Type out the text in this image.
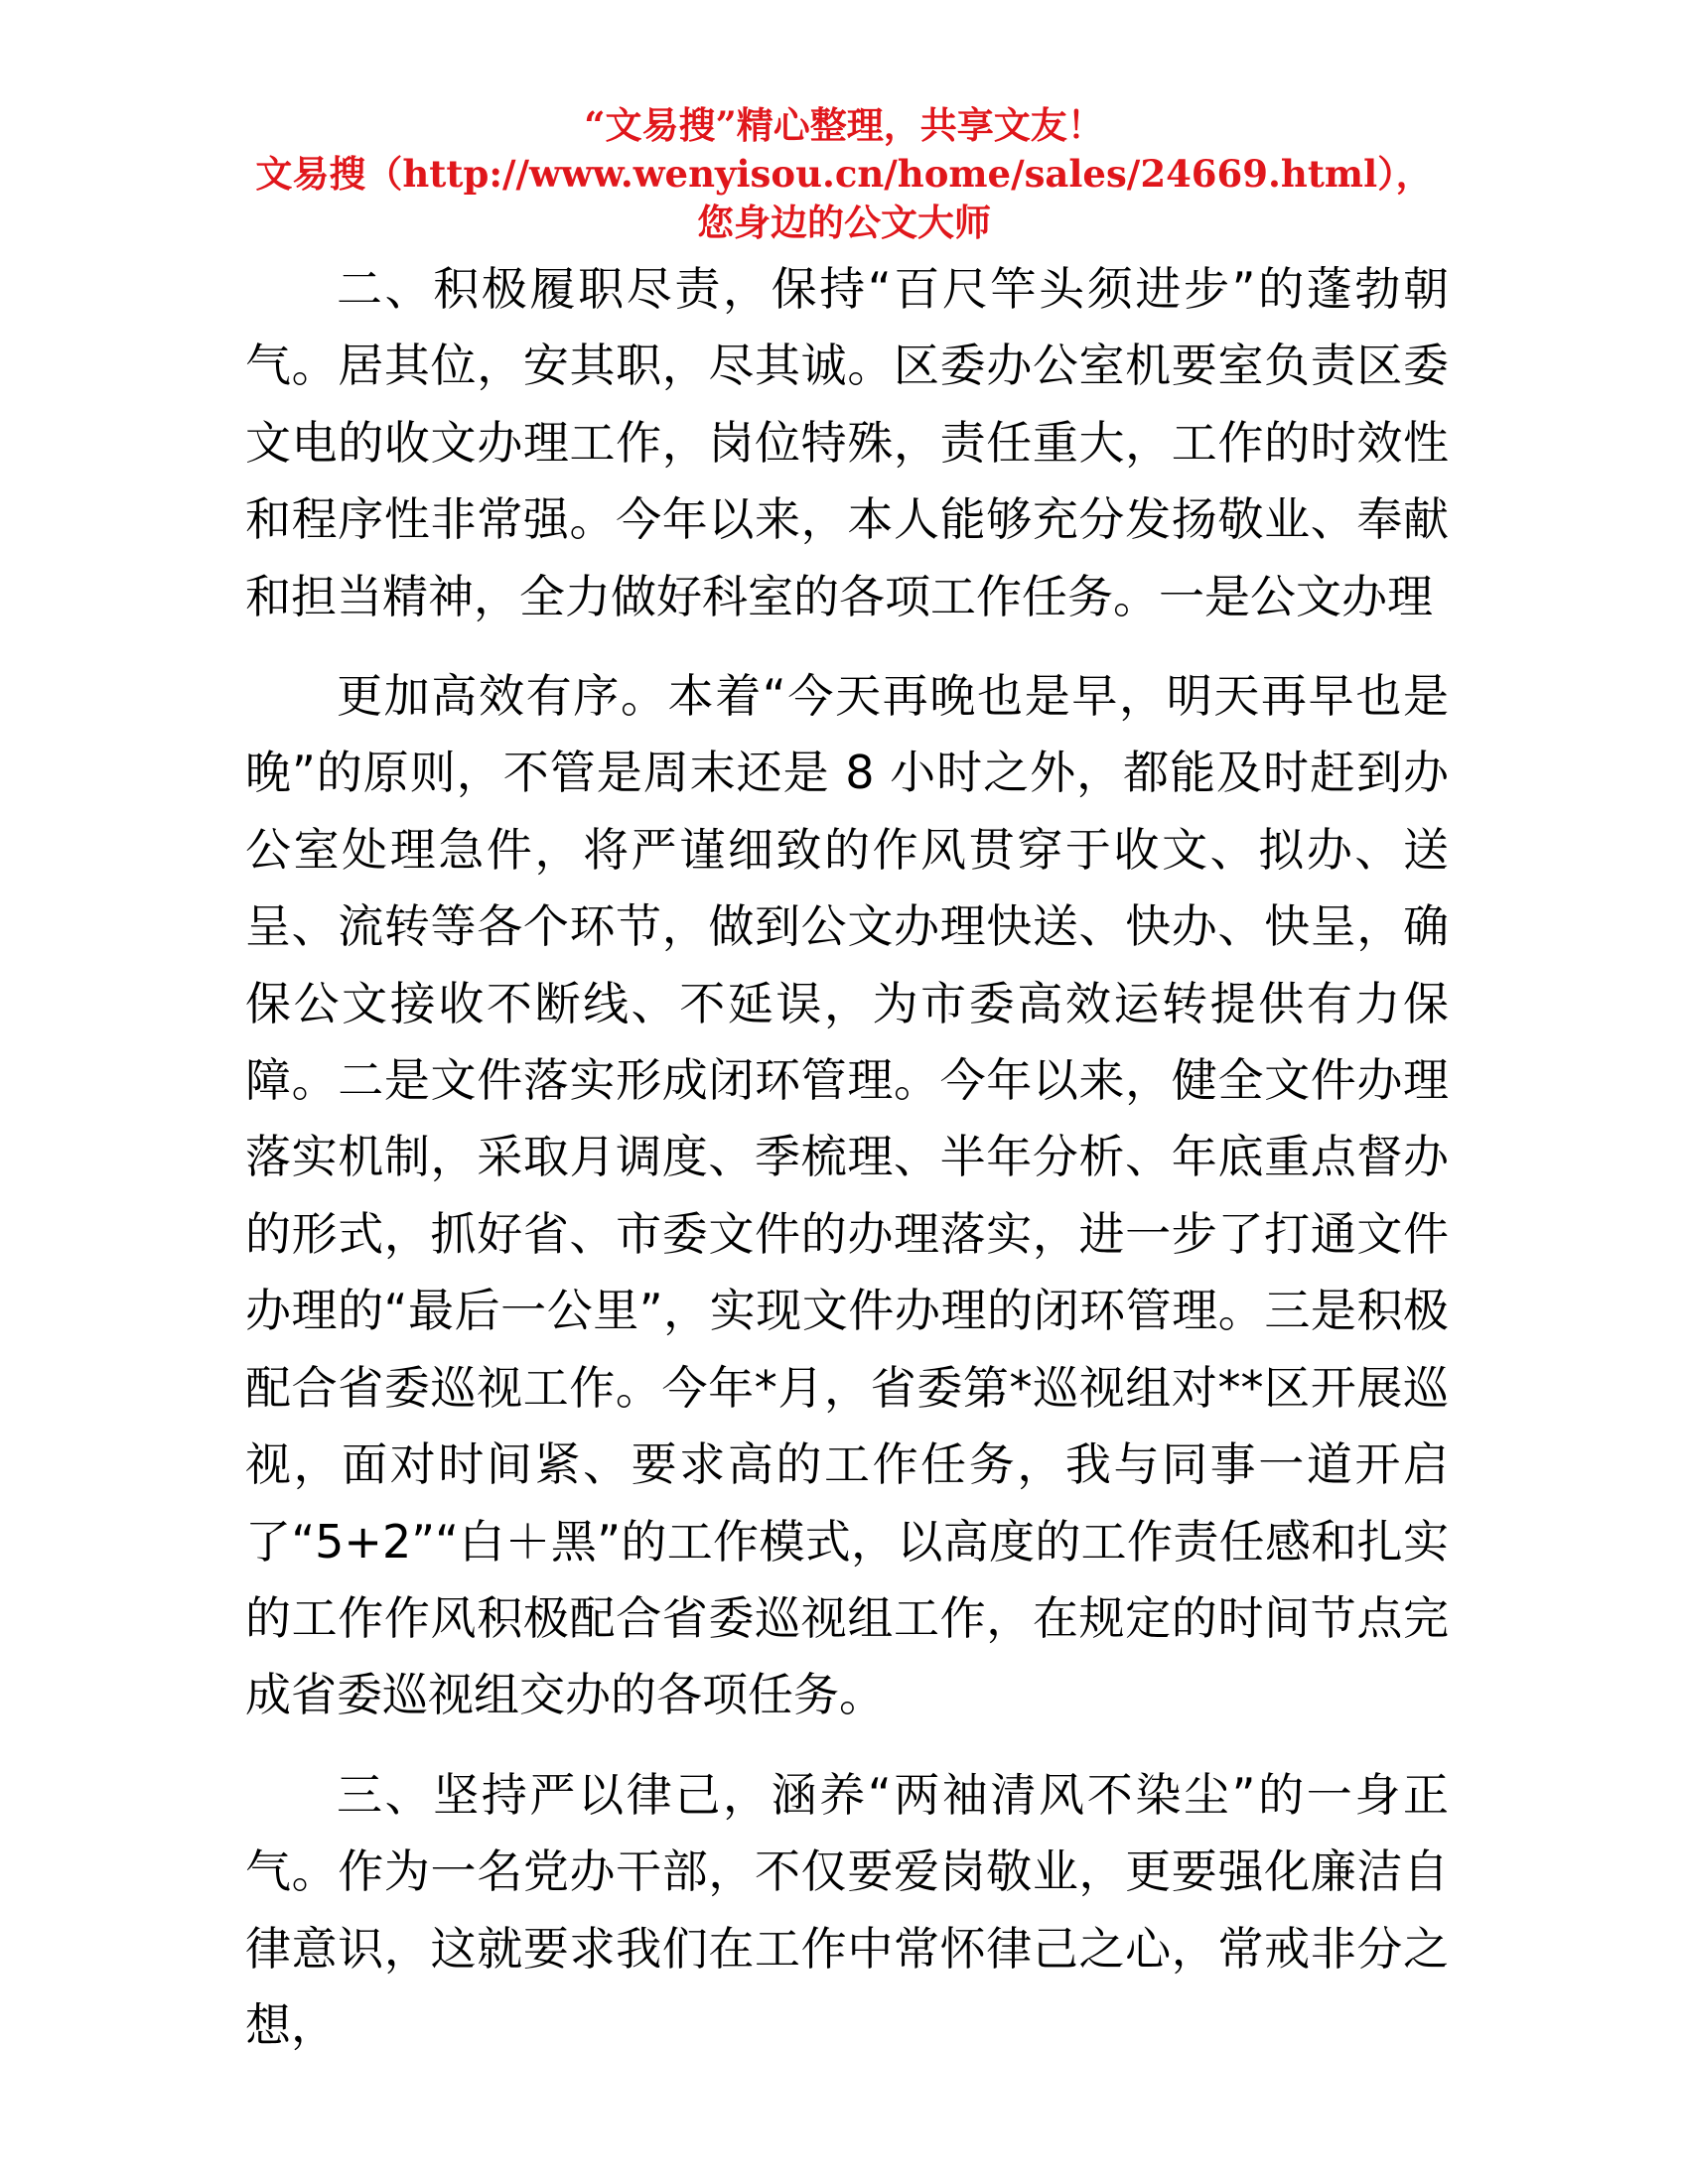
“文易搜”精心整理，共享文友！
文易搜（http://www.wenyisou.cn/home/sales/24669.html），
您身边的公文大师

二、积极履职尽责，保持“百尺竿头须进步”的蓬勃朝气。居其位，安其职，尽其诚。区委办公室机要室负责区委文电的收文办理工作，岗位特殊，责任重大，工作的时效性和程序性非常强。今年以来，本人能够充分发扬敬业、奉献和担当精神，全力做好科室的各项工作任务。一是公文办理

更加高效有序。本着“今天再晚也是早，明天再早也是晚”的原则，不管是周末还是 8 小时之外，都能及时赶到办公室处理急件，将严谨细致的作风贯穿于收文、拟办、送呈、流转等各个环节，做到公文办理快送、快办、快呈，确保公文接收不断线、不延误，为市委高效运转提供有力保障。二是文件落实形成闭环管理。今年以来，健全文件办理落实机制，采取月调度、季梳理、半年分析、年底重点督办的形式，抓好省、市委文件的办理落实，进一步了打通文件办理的“最后一公里”，实现文件办理的闭环管理。三是积极配合省委巡视工作。今年*月，省委第*巡视组对**区开展巡视，面对时间紧、要求高的工作任务，我与同事一道开启了“5+2”“白＋黑”的工作模式，以高度的工作责任感和扎实的工作作风积极配合省委巡视组工作，在规定的时间节点完成省委巡视组交办的各项任务。

三、坚持严以律己，涵养“两袖清风不染尘”的一身正气。作为一名党办干部，不仅要爱岗敬业，更要强化廉洁自律意识，这就要求我们在工作中常怀律己之心，常戒非分之想，
